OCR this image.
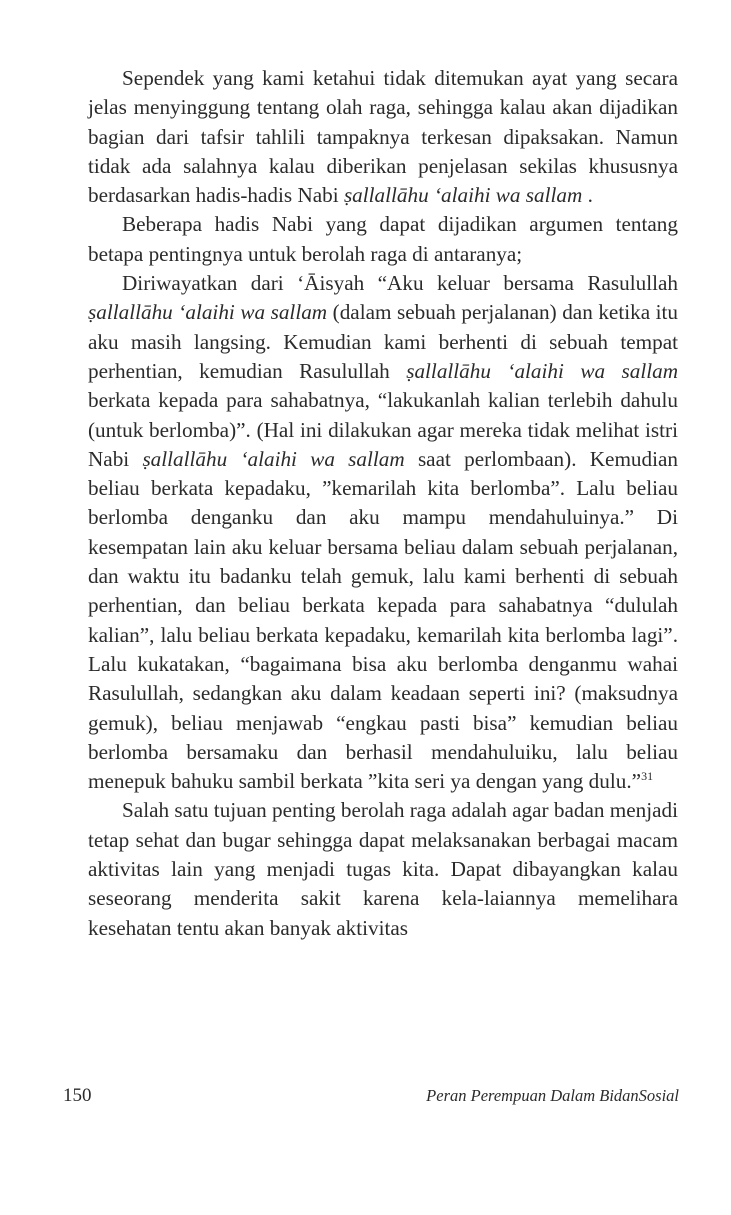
Sependek yang kami ketahui tidak ditemukan ayat yang secara jelas menyinggung tentang olah raga, sehingga kalau akan dijadikan bagian dari tafsir tahlili tampaknya terkesan dipaksakan. Namun tidak ada salahnya kalau diberikan penjelasan sekilas khususnya berdasarkan hadis-hadis Nabi ṣallallāhu ‘alaihi wa sallam .

Beberapa hadis Nabi yang dapat dijadikan argumen tentang betapa pentingnya untuk berolah raga di antaranya;

Diriwayatkan dari ‘Āisyah “Aku keluar bersama Rasulullah ṣallallāhu ‘alaihi wa sallam (dalam sebuah perjalanan) dan ketika itu aku masih langsing. Kemudian kami berhenti di sebuah tempat perhentian, kemudian Rasulullah ṣallallāhu ‘alaihi wa sallam berkata kepada para sahabatnya, “lakukanlah kalian terlebih dahulu (untuk berlomba)”. (Hal ini dilakukan agar mereka tidak melihat istri Nabi ṣallallāhu ‘alaihi wa sallam saat perlombaan). Kemudian beliau berkata kepadaku, ”kemarilah kita berlomba”. Lalu beliau berlomba denganku dan aku mampu mendahuluinya.” Di kesempatan lain aku keluar bersama beliau dalam sebuah perjalanan, dan waktu itu badanku telah gemuk, lalu kami berhenti di sebuah perhentian, dan beliau berkata kepada para sahabatnya “dululah kalian”, lalu beliau berkata kepadaku, kemarilah kita berlomba lagi”. Lalu kukatakan, “bagaimana bisa aku berlomba denganmu wahai Rasulullah, sedangkan aku dalam keadaan seperti ini? (maksudnya gemuk), beliau menjawab “engkau pasti bisa” kemudian beliau berlomba bersamaku dan berhasil mendahuluiku, lalu beliau menepuk bahuku sambil berkata ”kita seri ya dengan yang dulu.”$^{31}$

Salah satu tujuan penting berolah raga adalah agar badan menjadi tetap sehat dan bugar sehingga dapat melaksanakan berbagai macam aktivitas lain yang menjadi tugas kita. Dapat dibayangkan kalau seseorang menderita sakit karena kela-laiannya memelihara kesehatan tentu akan banyak aktivitas

150	Peran Perempuan Dalam BidanSosial
